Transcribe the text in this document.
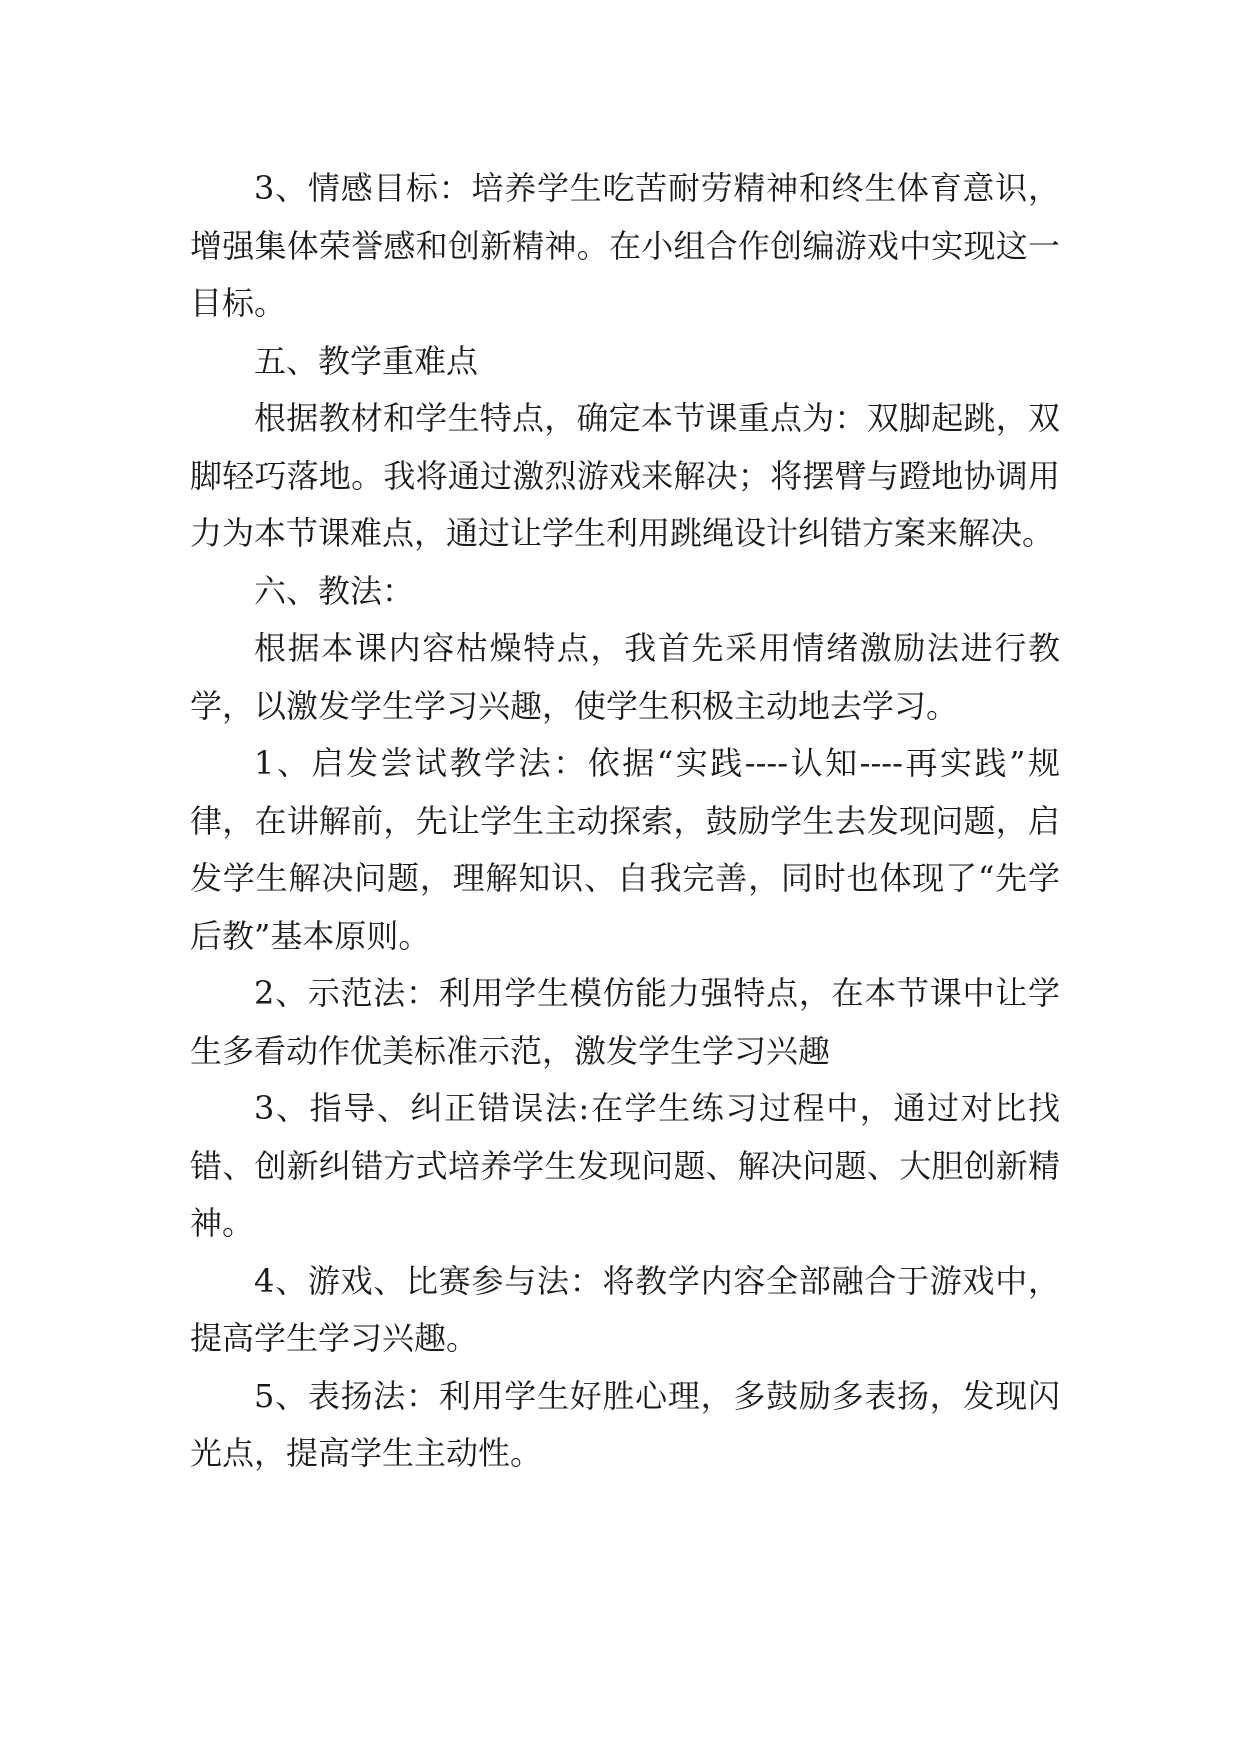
3、情感目标：培养学生吃苦耐劳精神和终生体育意识，增强集体荣誉感和创新精神。在小组合作创编游戏中实现这一目标。

五、教学重难点

根据教材和学生特点，确定本节课重点为：双脚起跳，双脚轻巧落地。我将通过激烈游戏来解决；将摆臂与蹬地协调用力为本节课难点，通过让学生利用跳绳设计纠错方案来解决。

六、教法：

根据本课内容枯燥特点，我首先采用情绪激励法进行教学，以激发学生学习兴趣，使学生积极主动地去学习。

1、启发尝试教学法：依据“实践----认知----再实践”规律，在讲解前，先让学生主动探索，鼓励学生去发现问题，启发学生解决问题，理解知识、自我完善，同时也体现了“先学后教”基本原则。

2、示范法：利用学生模仿能力强特点，在本节课中让学生多看动作优美标准示范，激发学生学习兴趣

3、指导、纠正错误法:在学生练习过程中，通过对比找错、创新纠错方式培养学生发现问题、解决问题、大胆创新精神。

4、游戏、比赛参与法：将教学内容全部融合于游戏中，提高学生学习兴趣。

5、表扬法：利用学生好胜心理，多鼓励多表扬，发现闪光点，提高学生主动性。
